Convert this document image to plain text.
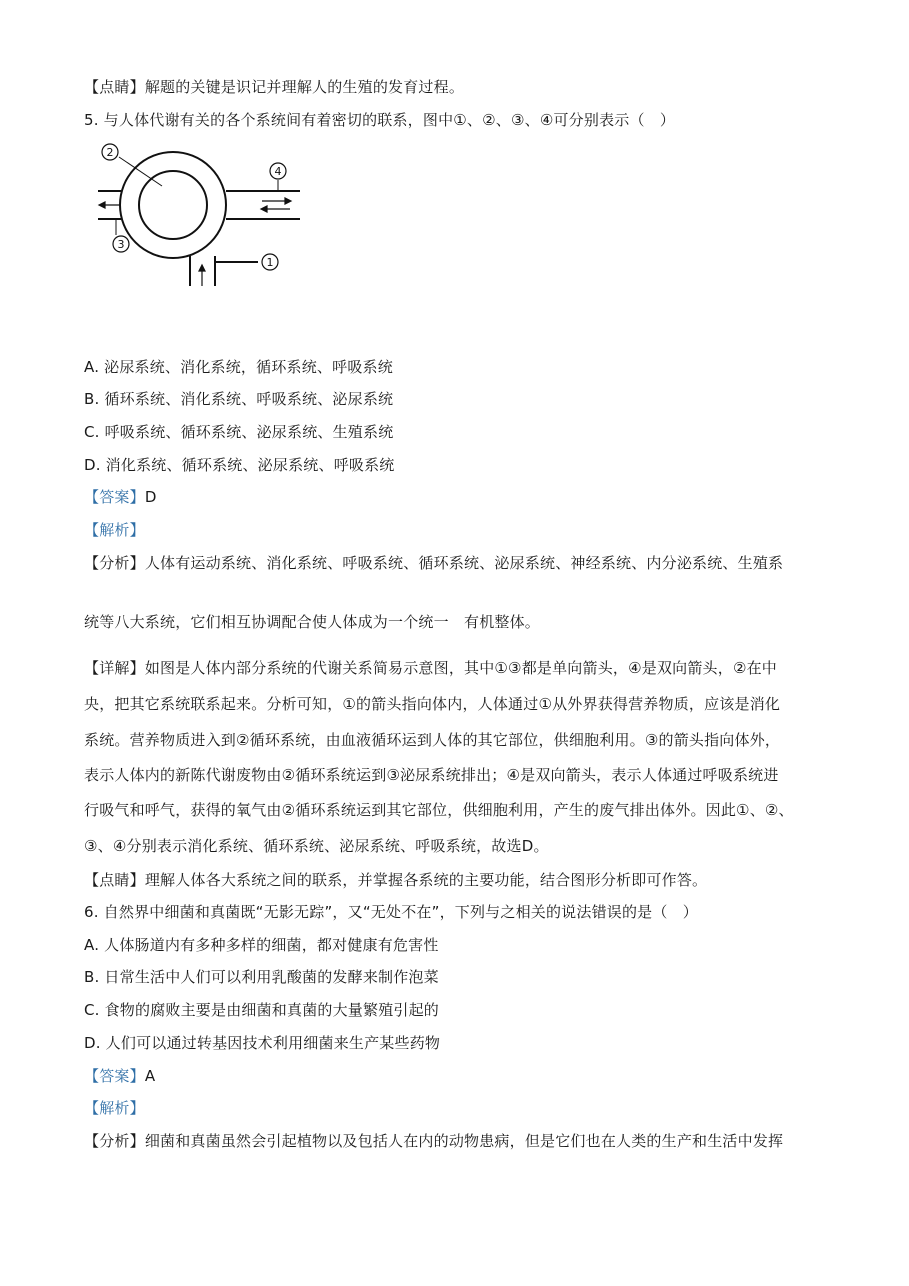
【点睛】解题的关键是识记并理解人的生殖的发育过程。
5. 与人体代谢有关的各个系统间有着密切的联系，图中①、②、③、④可分别表示（　）
2
4
3
1
A. 泌尿系统、消化系统，循环系统、呼吸系统
B. 循环系统、消化系统、呼吸系统、泌尿系统
C. 呼吸系统、循环系统、泌尿系统、生殖系统
D. 消化系统、循环系统、泌尿系统、呼吸系统
【答案】D
【解析】
【分析】人体有运动系统、消化系统、呼吸系统、循环系统、泌尿系统、神经系统、内分泌系统、生殖系
统等八大系统，它们相互协调配合使人体成为一个统一　有机整体。
【详解】如图是人体内部分系统的代谢关系简易示意图，其中①③都是单向箭头，④是双向箭头，②在中
央，把其它系统联系起来。分析可知，①的箭头指向体内，人体通过①从外界获得营养物质，应该是消化
系统。营养物质进入到②循环系统，由血液循环运到人体的其它部位，供细胞利用。③的箭头指向体外，
表示人体内的新陈代谢废物由②循环系统运到③泌尿系统排出；④是双向箭头，表示人体通过呼吸系统进
行吸气和呼气，获得的氧气由②循环系统运到其它部位，供细胞利用，产生的废气排出体外。因此①、②、
③、④分别表示消化系统、循环系统、泌尿系统、呼吸系统，故选D。
【点睛】理解人体各大系统之间的联系，并掌握各系统的主要功能，结合图形分析即可作答。
6. 自然界中细菌和真菌既“无影无踪”，又“无处不在”，下列与之相关的说法错误的是（　）
A. 人体肠道内有多种多样的细菌，都对健康有危害性
B. 日常生活中人们可以利用乳酸菌的发酵来制作泡菜
C. 食物的腐败主要是由细菌和真菌的大量繁殖引起的
D. 人们可以通过转基因技术利用细菌来生产某些药物
【答案】A
【解析】
【分析】细菌和真菌虽然会引起植物以及包括人在内的动物患病，但是它们也在人类的生产和生活中发挥
